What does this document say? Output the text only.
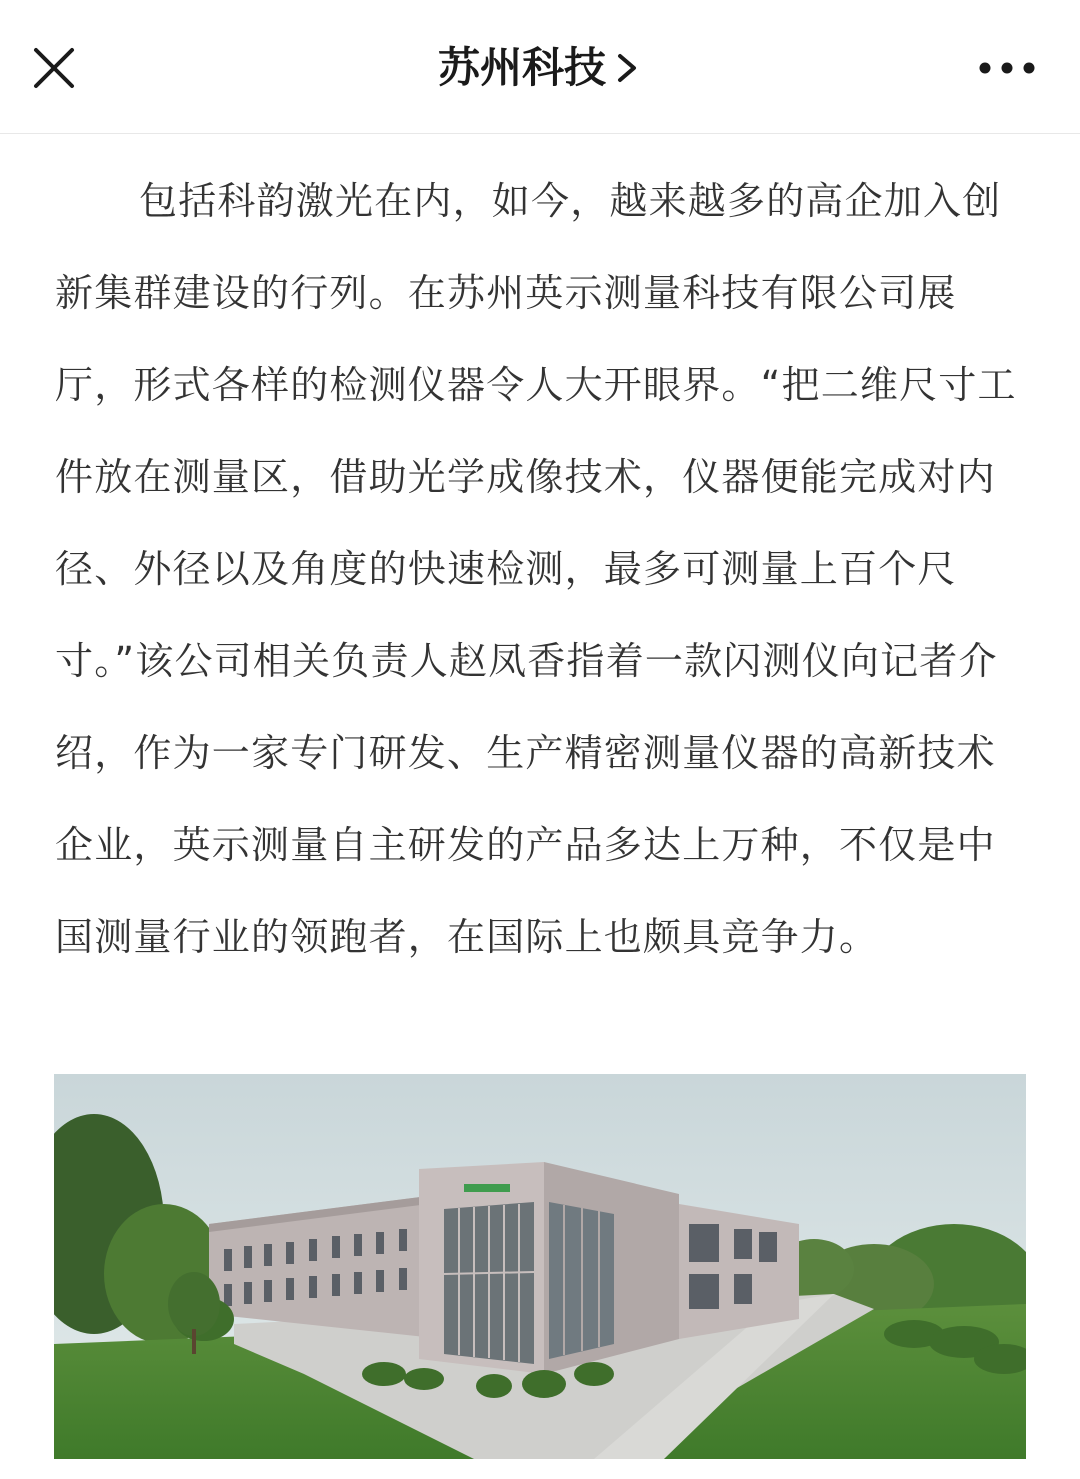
苏州科技
包括科韵激光在内，如今，越来越多的高企加入创新集群建设的行列。在苏州英示测量科技有限公司展厅，形式各样的检测仪器令人大开眼界。“把二维尺寸工件放在测量区，借助光学成像技术，仪器便能完成对内径、外径以及角度的快速检测，最多可测量上百个尺寸。”该公司相关负责人赵凤香指着一款闪测仪向记者介绍，作为一家专门研发、生产精密测量仪器的高新技术企业，英示测量自主研发的产品多达上万种，不仅是中国测量行业的领跑者，在国际上也颇具竞争力。
